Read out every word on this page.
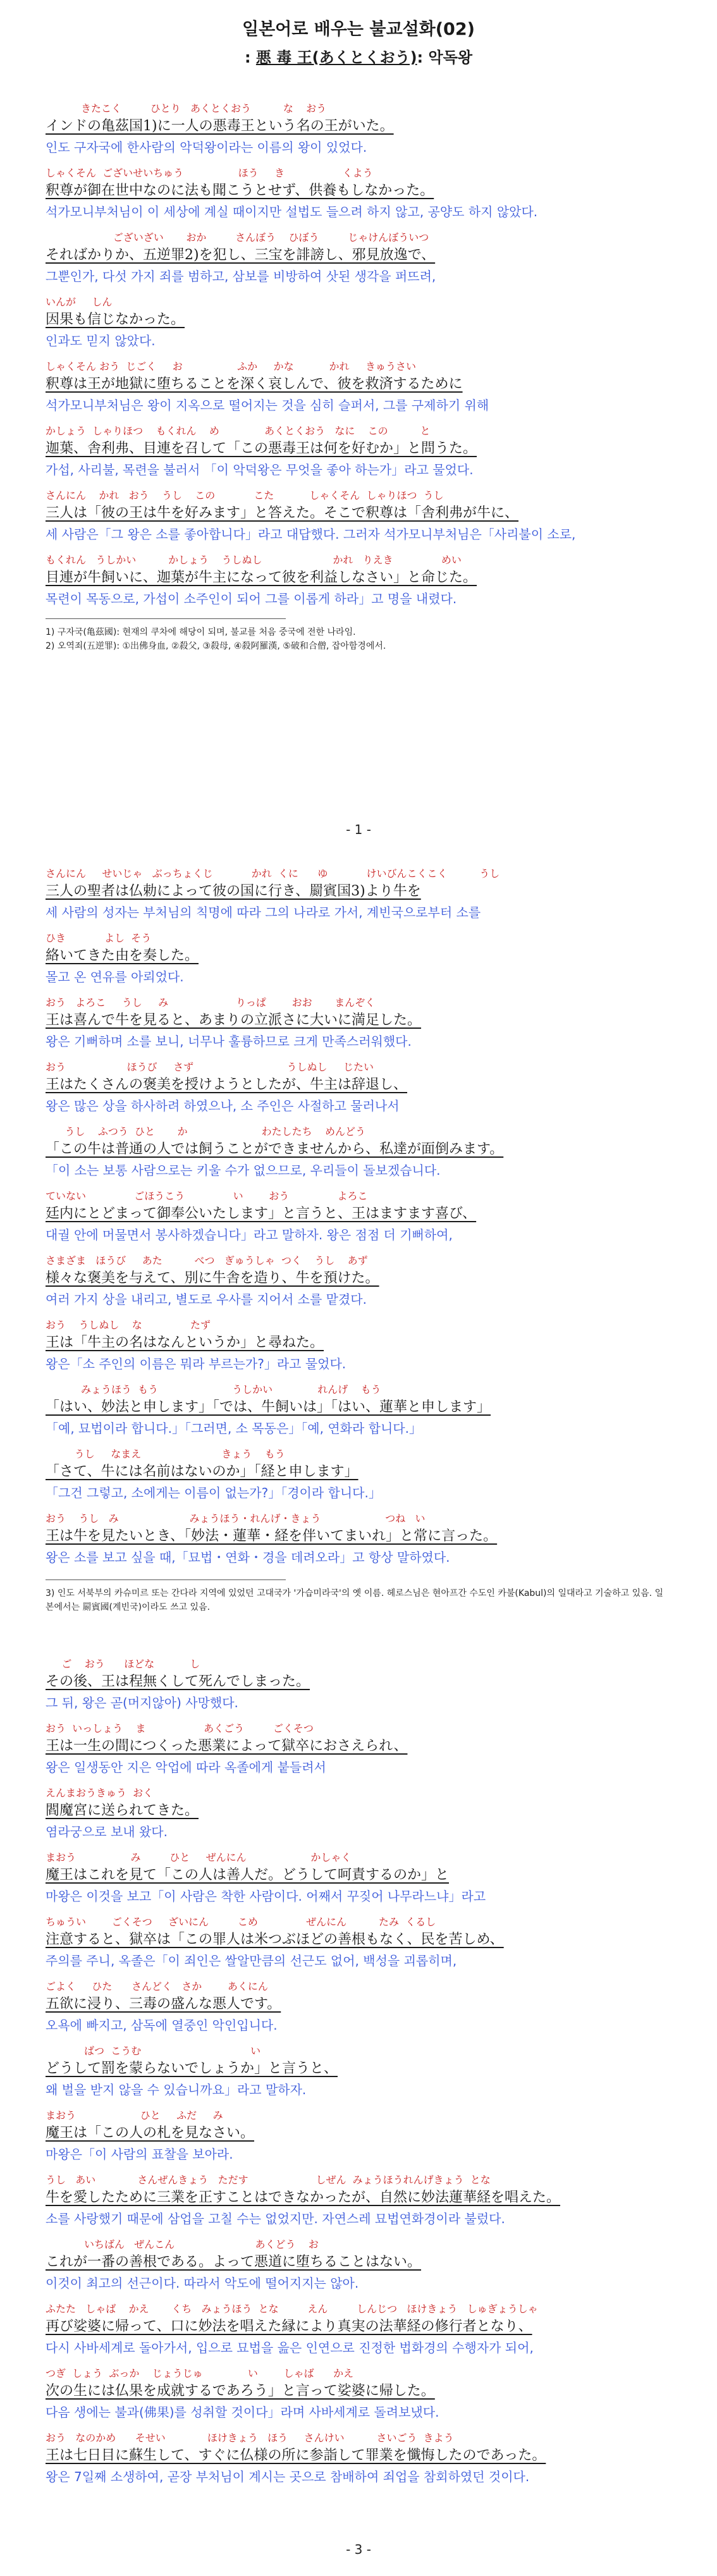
일본어로 배우는 불교설화(02)
: 悪 毒 王(あくとくおう): 악독왕
きたこく         ひとり   あくとくおう          な    おう
インドの亀茲国1)に一人の悪毒王という名の王がいた。
인도 구자국에 한사람의 악덕왕이라는 이름의 왕이 있었다.
しゃくそん  ございせいちゅう                 ほう     き                  くよう
釈尊が御在世中なのに法も聞こうとせず、供養もしなかった。
석가모니부처님이 이 세상에 계실 때이지만 설법도 들으려 하지 않고, 공양도 하지 않았다.
ございざい       おか         さんぼう    ひぼう         じゃけんぼういつ
そればかりか、五逆罪2)を犯し、三宝を誹謗し、邪見放逸で、
그뿐인가, 다섯 가지 죄를 범하고, 삼보를 비방하여 삿된 생각을 퍼뜨려,
いんが     しん
因果も信じなかった。
인과도 믿지 않았다.
しゃくそん おう  じごく     お                 ふか     かな           かれ     きゅうさい
釈尊は王が地獄に堕ちることを深く哀しんで、彼を救済するために
석가모니부처님은 왕이 지옥으로 떨어지는 것을 심히 슬퍼서, 그를 구제하기 위해
かしょう  しゃりほつ    もくれん    め              あくとくおう   なに    この          と
迦葉、舎利弗、目連を召して「この悪毒王は何を好むか」と問うた。
가섭, 사리불, 목련을 불러서 「이 악덕왕은 무엇을 좋아 하는가」라고 물었다.
さんにん    かれ   おう    うし    この            こた           しゃくそん  しゃりほつ  うし
三人は「彼の王は牛を好みます」と答えた。そこで釈尊は「舎利弗が牛に、
세 사람은「그 왕은 소를 좋아합니다」라고 대답했다. 그러자 석가모니부처님은「사리불이 소로,
もくれん   うしかい          かしょう    うしぬし                      かれ   りえき               めい
目連が牛飼いに、迦葉が牛主になって彼を利益しなさい」と命じた。
목련이 목동으로, 가섭이 소주인이 되어 그를 이롭게 하라」고 명을 내렸다.
1) 구자국(亀茲國): 현재의 쿠차에 해당이 되며, 불교를 처음 중국에 전한 나라임.
2) 오역죄(五逆罪): ①出佛身血, ②殺父, ③殺母, ④殺阿羅漢, ⑤破和合僧, 잡아함경에서.
- 1 -
さんにん     せいじゃ   ぶっちょくじ            かれ  くに      ゆ            けいびんこくこく          うし
三人の聖者は仏勅によって彼の国に行き、罽賓国3)より牛を
세 사람의 성자는 부처님의 칙명에 따라 그의 나라로 가서, 계빈국으로부터 소를
ひき            よし  そう
絡いてきた由を奏した。
몰고 온 연유를 아뢰었다.
おう   よろこ     うし     み                     りっぱ        おお       まんぞく
王は喜んで牛を見ると、あまりの立派さに大いに満足した。
왕은 기뻐하며 소를 보니, 너무나 훌륭하므로 크게 만족스러워했다.
おう                   ほうび     さず                             うしぬし     じたい
王はたくさんの褒美を授けようとしたが、牛主は辞退し、
왕은 많은 상을 하사하려 하였으나, 소 주인은 사절하고 물러나서
うし    ふつう  ひと       か                       わたしたち    めんどう
「この牛は普通の人では飼うことができませんから、私達が面倒みます。
「이 소는 보통 사람으로는 키울 수가 없으므로, 우리들이 돌보겠습니다.
ていない               ごほうこう               い        おう               よろこ
廷内にとどまって御奉公いたします」と言うと、王はますます喜び、
대궐 안에 머물면서 봉사하겠습니다」라고 말하자. 왕은 점점 더 기뻐하여,
さまざま   ほうび     あた          べつ   ぎゅうしゃ  つく    うし    あず
様々な褒美を与えて、別に牛舎を造り、牛を預けた。
여러 가지 상을 내리고, 별도로 우사를 지어서 소를 맡겼다.
おう    うしぬし    な               たず
王は「牛主の名はなんというか」と尋ねた。
왕은「소 주인의 이름은 뭐라 부르는가?」라고 물었다.
みょうほう  もう                       うしかい              れんげ    もう
「はい、妙法と申します」「では、牛飼いは」「はい、蓮華と申します」
「예, 묘법이라 합니다.」「그러면, 소 목동은」「예, 연화라 합니다.」
うし     なまえ                         きょう    もう
「さて、牛には名前はないのか」「経と申します」
「그건 그렇고, 소에게는 이름이 없는가?」「경이라 합니다.」
おう    うし   み                      みょうほう・れんげ・きょう                    つね   い
王は牛を見たいとき、「妙法・蓮華・経を伴いてまいれ」と常に言った。
왕은 소를 보고 싶을 때,「묘법・연화・경을 데려오라」고 항상 말하였다.
3) 인도 서북부의 카슈미르 또는 간다라 지역에 있었던 고대국가 '가습미라국'의 옛 이름. 헤로스님은 현아프간 수도인 카불(Kabul)의 일대라고 기술하고 있음. 일본에서는 罽賓國(계빈국)이라도 쓰고 있음.
ご    おう      ほどな           し
その後、王は程無くして死んでしまった。
그 뒤, 왕은 곧(머지않아) 사망했다.
おう  いっしょう    ま                  あくごう         ごくそつ
王は一生の間につくった悪業によって獄卒におさえられ、
왕은 일생동안 지은 악업에 따라 옥졸에게 붙들려서
えんまおうきゅう  おく
閻魔宮に送られてきた。
염라궁으로 보내 왔다.
まおう                 み         ひと     ぜんにん                    かしゃく
魔王はこれを見て「この人は善人だ。どうして呵責するのか」と
마왕은 이것을 보고「이 사람은 착한 사람이다. 어째서 꾸짖어 나무라느냐」라고
ちゅうい        ごくそつ     ざいにん         こめ               ぜんにん          たみ  くるし
注意すると、獄卒は「この罪人は米つぶほどの善根もなく、民を苦しめ、
주의를 주니, 옥졸은「이 죄인은 쌀알만큼의 선근도 없어, 백성을 괴롭히며,
ごよく     ひた      さんどく   さか        あくにん
五欲に浸り、三毒の盛んな悪人です。
오욕에 빠지고, 삼독에 열중인 악인입니다.
ばつ  こうむ                                  い
どうして罰を蒙らないでしょうか」と言うと、
왜 벌을 받지 않을 수 있습니까요」라고 말하자.
まおう                    ひと     ふだ     み
魔王は「この人の札を見なさい。
마왕은「이 사람의 표찰을 보아라.
うし   あい             さんぜんきょう   ただす                     しぜん  みょうほうれんげきょう  とな
牛を愛したために三業を正すことはできなかったが、自然に妙法蓮華経を唱えた。
소를 사랑했기 때문에 삼업을 고칠 수는 없었지만. 자연스레 묘법연화경이라 불렀다.
いちばん   ぜんこん                         あくどう    お
これが一番の善根である。よって悪道に堕ちることはない。
이것이 최고의 선근이다. 따라서 악도에 떨어지지는 않아.
ふたた   しゃば    かえ       くち   みょうほう  とな         えん         しんじつ   ほけきょう   しゅぎょうしゃ
再び娑婆に帰って、口に妙法を唱えた縁により真実の法華経の修行者となり、
다시 사바세계로 돌아가서, 입으로 묘법을 읊은 인연으로 진정한 법화경의 수행자가 되어,
つぎ  しょう  ぶっか    じょうじゅ              い        しゃば      かえ
次の生には仏果を成就するであろう」と言って娑婆に帰した。
다음 생에는 불과(佛果)를 성취할 것이다」라며 사바세계로 돌려보냈다.
おう   なのかめ      そせい             ほけきょう   ほう     さんけい          さいごう  きよう
王は七日目に蘇生して、すぐに仏様の所に参詣して罪業を懺悔したのであった。
왕은 7일째 소생하여, 곧장 부처님이 계시는 곳으로 참배하여 죄업을 참회하였던 것이다.
- 3 -
